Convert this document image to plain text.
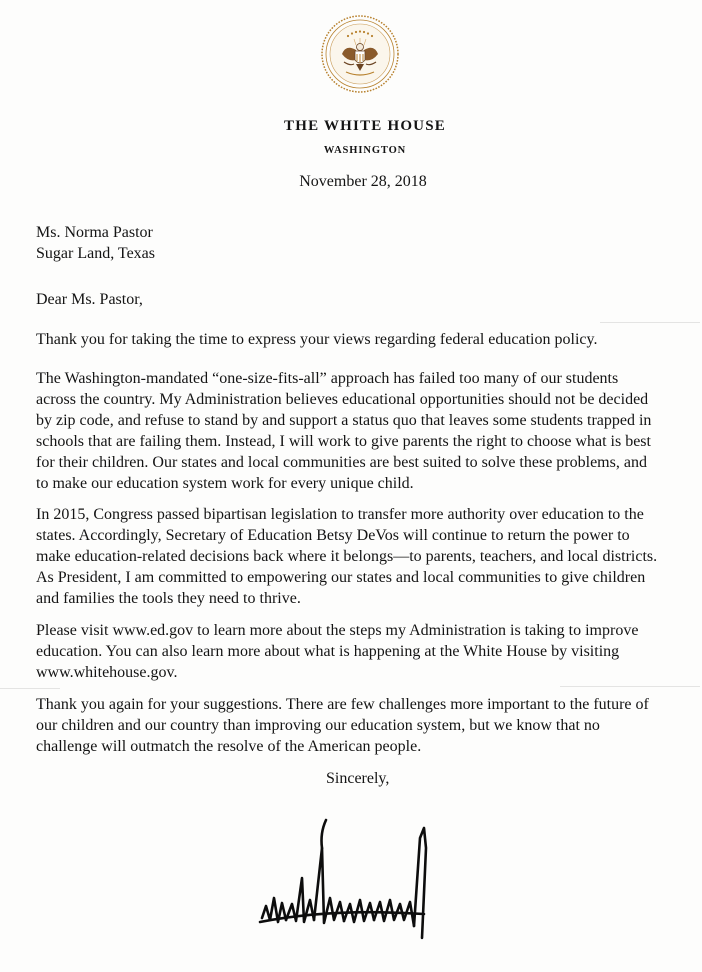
THE WHITE HOUSE
WASHINGTON
November 28, 2018
Ms. Norma Pastor
Sugar Land, Texas
Dear Ms. Pastor,
Thank you for taking the time to express your views regarding federal education policy.
The Washington-mandated “one-size-fits-all” approach has failed too many of our students
across the country. My Administration believes educational opportunities should not be decided
by zip code, and refuse to stand by and support a status quo that leaves some students trapped in
schools that are failing them. Instead, I will work to give parents the right to choose what is best
for their children. Our states and local communities are best suited to solve these problems, and
to make our education system work for every unique child.
In 2015, Congress passed bipartisan legislation to transfer more authority over education to the
states. Accordingly, Secretary of Education Betsy DeVos will continue to return the power to
make education-related decisions back where it belongs—to parents, teachers, and local districts.
As President, I am committed to empowering our states and local communities to give children
and families the tools they need to thrive.
Please visit www.ed.gov to learn more about the steps my Administration is taking to improve
education. You can also learn more about what is happening at the White House by visiting
www.whitehouse.gov.
Thank you again for your suggestions. There are few challenges more important to the future of
our children and our country than improving our education system, but we know that no
challenge will outmatch the resolve of the American people.
Sincerely,
